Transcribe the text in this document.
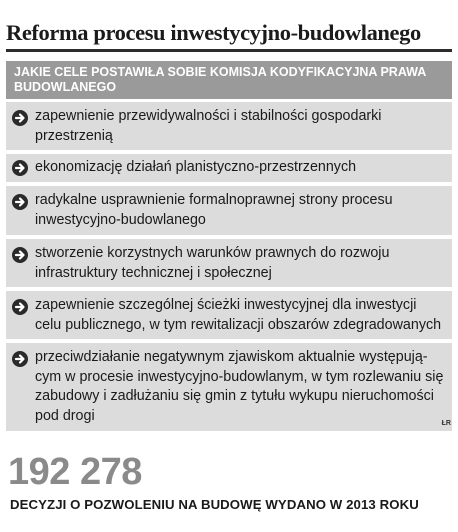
Reforma procesu inwestycyjno-budowlanego
JAKIE CELE POSTAWIŁA SOBIE KOMISJA KODYFIKACYJNA PRAWA BUDOWLANEGO
zapewnienie przewidywalności i stabilności gospodarki przestrzenią
ekonomizację działań planistyczno-przestrzennych
radykalne usprawnienie formalnoprawnej strony procesu inwestycyjno-budowlanego
stworzenie korzystnych warunków prawnych do rozwoju infrastruktury technicznej i społecznej
zapewnienie szczególnej ścieżki inwestycyjnej dla inwestycji celu publicznego, w tym rewitalizacji obszarów zdegradowanych
przeciwdziałanie negatywnym zjawiskom aktualnie występującym w procesie inwestycyjno-budowlanym, w tym rozlewaniu się zabudowy i zadłużaniu się gmin z tytułu wykupu nieruchomości pod drogi	ŁR
192 278
DECYZJI O POZWOLENIU NA BUDOWĘ WYDANO W 2013 ROKU
